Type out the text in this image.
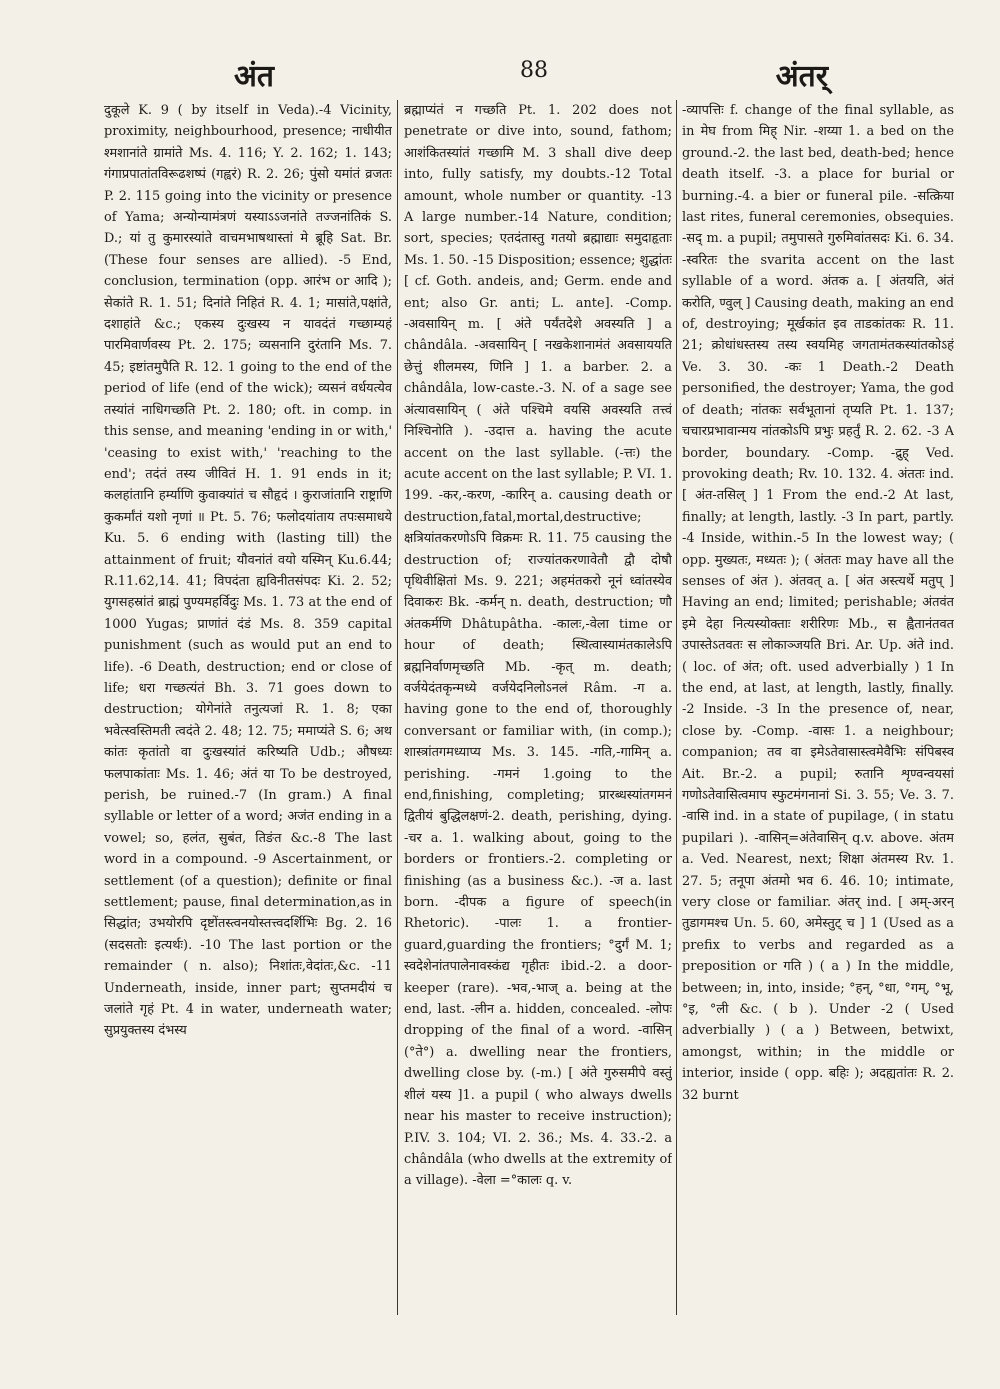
अंत	88	अंतर्

दुकूले K. 9 ( by itself in Veda).-4 Vicinity, proximity, neighbourhood, presence; नाधीयीत श्मशानांते ग्रामांते Ms. 4. 116; Y. 2. 162; 1. 143; गंगाप्रपातांतविरूढशष्पं (गह्वरं) R. 2. 26; पुंसो यमांतं व्रजतः P. 2. 115 going into the vicinity or presence of Yama; अन्योन्यामंत्रणं यस्याऽऽजनांते तज्जनांतिकं S. D.; यां तु कुमारस्यांते वाचमभाषथास्तां मे ब्रूहि Sat. Br.(These four senses are allied). -5 End, conclusion, termination (opp. आरंभ or आदि ); सेकांते R. 1. 51; दिनांते निहितं R. 4. 1; मासांते,पक्षांते, दशाहांते &c.; एकस्य दुःखस्य न यावदंतं गच्छाम्यहं पारमिवार्णवस्य Pt. 2. 175; व्यसनानि दुरंतानि Ms. 7. 45; इष्टांतमुपैति R. 12. 1 going to the end of the period of life (end of the wick); व्यसनं वर्धयत्येव तस्यांतं नाधिगच्छति Pt. 2. 180; oft. in comp. in this sense, and meaning 'ending in or with,' 'ceasing to exist with,' 'reaching to the end'; तदंतं तस्य जीवितं H. 1. 91 ends in it; कलहांतानि हर्म्याणि कुवाक्यांतं च सौहृदं । कुराजांतानि राष्ट्राणि कुकर्मांतं यशो नृणां ॥ Pt. 5. 76; फलोदयांताय तपःसमाधये Ku. 5. 6 ending with (lasting till) the attainment of fruit; यौवनांतं वयो यस्मिन् Ku.6.44; R.11.62,14. 41; विपदंता ह्यविनीतसंपदः Ki. 2. 52; युगसहस्रांतं ब्राह्मं पुण्यमहर्विदुः Ms. 1. 73 at the end of 1000 Yugas; प्राणांतं दंडं Ms. 8. 359 capital punishment (such as would put an end to life). -6 Death, destruction; end or close of life; धरा गच्छत्यंतं Bh. 3. 71 goes down to destruction; योगेनांते तनुत्यजां R. 1. 8; एका भवेत्स्वस्तिमती त्वदंते 2. 48; 12. 75; ममाप्यंते S. 6; अथ कांतः कृतांतो वा दुःखस्यांतं करिष्यति Udb.; औषध्यः फलपाकांताः Ms. 1. 46; अंतं या To be destroyed, perish, be ruined.-7 (In gram.) A final syllable or letter of a word; अजंत ending in a vowel; so, हलंत, सुबंत, तिङंत &c.-8 The last word in a compound. -9 Ascertainment, or settlement (of a question); definite or final settlement; pause, final determination,as in सिद्धांत; उभयोरपि दृष्टोंतस्त्वनयोस्तत्त्वदर्शिभिः Bg. 2. 16 (सदसतोः इत्यर्थः). -10 The last portion or the remainder ( n. also); निशांतः,वेदांतः,&c. -11 Underneath, inside, inner part; सुप्तमदीयं च जलांते गृहं Pt. 4 in water, underneath water; सुप्रयुक्तस्य दंभस्य

ब्रह्माप्यंतं न गच्छति Pt. 1. 202 does not penetrate or dive into, sound, fathom; आशंकितस्यांतं गच्छामि M. 3 shall dive deep into, fully satisfy, my doubts.-12 Total amount, whole number or quantity. -13 A large number.-14 Nature, condition; sort, species; एतदंतास्तु गतयो ब्रह्माद्याः समुदाहृताः Ms. 1. 50. -15 Disposition; essence; शुद्धांतः [ cf. Goth. andeis, and; Germ. ende and ent; also Gr. anti; L. ante]. -Comp. -अवसायिन् m. [ अंते पर्यंतदेशे अवस्यति ] a chândâla. -अवसायिन् [ नखकेशानामंतं अवसाययति छेत्तुं शीलमस्य, णिनि ] 1. a barber. 2. a chândâla, low-caste.-3. N. of a sage see अंत्यावसायिन् ( अंते पश्चिमे वयसि अवस्यति तत्त्वं निश्चिनोति ). -उदात्त a. having the acute accent on the last syllable. (-त्तः) the acute accent on the last syllable; P. VI. 1. 199. -कर,-करण, -कारिन् a. causing death or destruction,fatal,mortal,destructive; क्षत्रियांतकरणोऽपि विक्रमः R. 11. 75 causing the destruction of; राज्यांतकरणावेतौ द्वौ दोषौ पृथिवीक्षितां Ms. 9. 221; अहमंतकरो नूनं ध्वांतस्येव दिवाकरः Bk. -कर्मन् n. death, destruction; णौ अंतकर्मणि Dhâtupâtha. -कालः,-वेला time or hour of death; स्थित्वास्यामंतकालेऽपि ब्रह्मनिर्वाणमृच्छति Mb. -कृत् m. death; वर्जयेदंतकृन्मध्ये वर्जयेदनिलोऽनलं Râm. -ग a. having gone to the end of, thoroughly conversant or familiar with, (in comp.); शास्त्रांतगमध्याप्य Ms. 3. 145. -गति,-गामिन् a. perishing. -गमनं 1.going to the end,finishing, completing; प्रारब्धस्यांतगमनं द्वितीयं बुद्धिलक्षणं-2. death, perishing, dying. -चर a. 1. walking about, going to the borders or frontiers.-2. completing or finishing (as a business &c.). -ज a. last born. -दीपक a figure of speech(in Rhetoric). -पालः 1. a frontier-guard,guarding the frontiers; °दुर्गं M. 1; स्वदेशेनांतपालेनावस्कंद्य गृहीतः ibid.-2. a door-keeper (rare). -भव,-भाज् a. being at the end, last. -लीन a. hidden, concealed. -लोपः dropping of the final of a word. -वासिन् (°ते°) a. dwelling near the frontiers, dwelling close by. (-m.) [ अंते गुरुसमीपे वस्तुं शीलं यस्य ]1. a pupil ( who always dwells near his master to receive instruction); P.IV. 3. 104; VI. 2. 36.; Ms. 4. 33.-2. a chândâla (who dwells at the extremity of a village). -वेला =°कालः q. v.

-व्यापत्तिः f. change of the final syllable, as in मेघ from मिह् Nir. -शय्या 1. a bed on the ground.-2. the last bed, death-bed; hence death itself. -3. a place for burial or burning.-4. a bier or funeral pile. -सत्क्रिया last rites, funeral ceremonies, obsequies. -सद् m. a pupil; तमुपासते गुरुमिवांतसदः Ki. 6. 34. -स्वरितः the svarita accent on the last syllable of a word. अंतक a. [ अंतयति, अंतं करोति, ण्वुल् ] Causing death, making an end of, destroying; मूर्खकांत इव ताडकांतकः R. 11. 21; क्रोधांधस्तस्य तस्य स्वयमिह जगतामंतकस्यांतकोऽहं Ve. 3. 30. -कः 1 Death.-2 Death personified, the destroyer; Yama, the god of death; नांतकः सर्वभूतानां तृप्यति Pt. 1. 137; चचारप्रभावान्मय नांतकोऽपि प्रभुः प्रहर्तुं R. 2. 62. -3 A border, boundary. -Comp. -द्रुह् Ved. provoking death; Rv. 10. 132. 4. अंततः ind. [ अंत-तसिल् ] 1 From the end.-2 At last, finally; at length, lastly. -3 In part, partly. -4 Inside, within.-5 In the lowest way; ( opp. मुख्यतः, मध्यतः ); ( अंततः may have all the senses of अंत ). अंतवत् a. [ अंत अस्त्यर्थे मतुप् ] Having an end; limited; perishable; अंतवंत इमे देहा नित्यस्योक्ताः शरीरिणः Mb., स ह्वैतानंतवत उपास्तेऽतवतः स लोकाञ्जयति Bri. Ar. Up. अंते ind. ( loc. of अंत; oft. used adverbially ) 1 In the end, at last, at length, lastly, finally. -2 Inside. -3 In the presence of, near, close by. -Comp. -वासः 1. a neighbour; companion; तव वा इमेऽतेवासास्त्वमेवैभिः संपिबस्व Ait. Br.-2. a pupil; रुतानि शृण्वन्वयसां गणोऽतेवासित्वमाप स्फुटमंगनानां Si. 3. 55; Ve. 3. 7. -वासि ind. in a state of pupilage, ( in statu pupilari ). -वासिन्=अंतेवासिन् q.v. above. अंतम a. Ved. Nearest, next; शिक्षा अंतमस्य Rv. 1. 27. 5; तनूपा अंतमो भव 6. 46. 10; intimate, very close or familiar. अंतर् ind. [ अम्-अरन् तुडागमश्च Un. 5. 60, अमेस्तुट् च ] 1 (Used as a prefix to verbs and regarded as a preposition or गति ) ( a ) In the middle, between; in, into, inside; °हन्, °धा, °गम्, °भू, °इ, °ली &c. ( b ). Under -2 ( Used adverbially ) ( a ) Between, betwixt, amongst, within; in the middle or interior, inside ( opp. बहिः ); अदह्यतांतः R. 2. 32 burnt
